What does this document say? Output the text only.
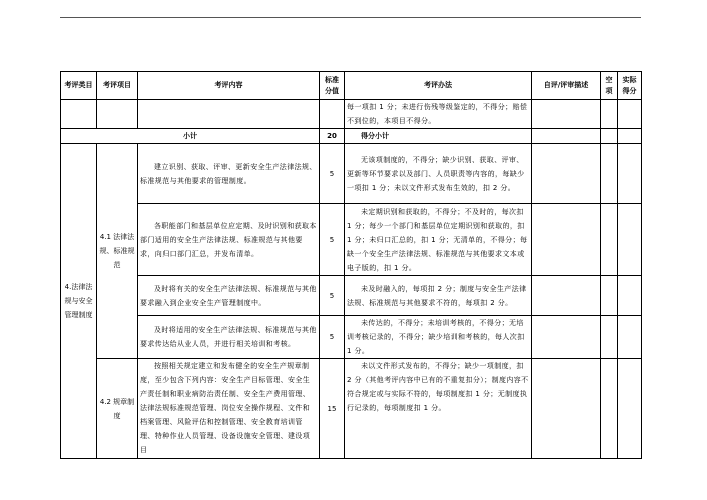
考评类目	考评项目	考评内容	标准分值	考评办法	自评/评审描述	空项	实际得分
				每一项扣 1 分；未进行伤残等级鉴定的，不得分；赔偿不到位的，本项目不得分。			
小计			20	得分小计			
4.法律法规与安全管理制度	4.1 法律法规、标准规范	建立识别、获取、评审、更新安全生产法律法规、标准规范与其他要求的管理制度。	5	无该项制度的，不得分；缺少识别、获取、评审、更新等环节要求以及部门、人员职责等内容的，每缺少一项扣 1 分；未以文件形式发布生效的，扣 2 分。			
		各职能部门和基层单位应定期、及时识别和获取本部门适用的安全生产法律法规、标准规范与其他要求，向归口部门汇总，并发布清单。	5	未定期识别和获取的，不得分；不及时的，每次扣 1 分；每少一个部门和基层单位定期识别和获取的，扣 1 分；未归口汇总的，扣 1 分；无清单的，不得分；每缺一个安全生产法律法规、标准规范与其他要求文本或电子版的，扣 1 分。			
		及时将有关的安全生产法律法规、标准规范与其他要求融入到企业安全生产管理制度中。	5	未及时融入的，每项扣 2 分；制度与安全生产法律法规、标准规范与其他要求不符的，每项扣 2 分。			
		及时将适用的安全生产法律法规、标准规范与其他要求传达给从业人员，并进行相关培训和考核。	5	未传达的，不得分；未培训考核的，不得分；无培训考核记录的，不得分；缺少培训和考核的，每人次扣 1 分。			
	4.2 规章制度	按照相关规定建立和发布健全的安全生产规章制度，至少包含下列内容：安全生产目标管理、安全生产责任制和职业病防治责任制、安全生产费用管理、法律法规标准规范管理、岗位安全操作规程、文件和档案管理、风险评估和控制管理、安全教育培训管理、特种作业人员管理、设备设施安全管理、建设项目	15	未以文件形式发布的，不得分；缺少一项制度，扣 2 分（其他考评内容中已有的不重复扣分）；制度内容不符合规定或与实际不符的，每项制度扣 1 分；无制度执行记录的，每项制度扣 1 分。			
